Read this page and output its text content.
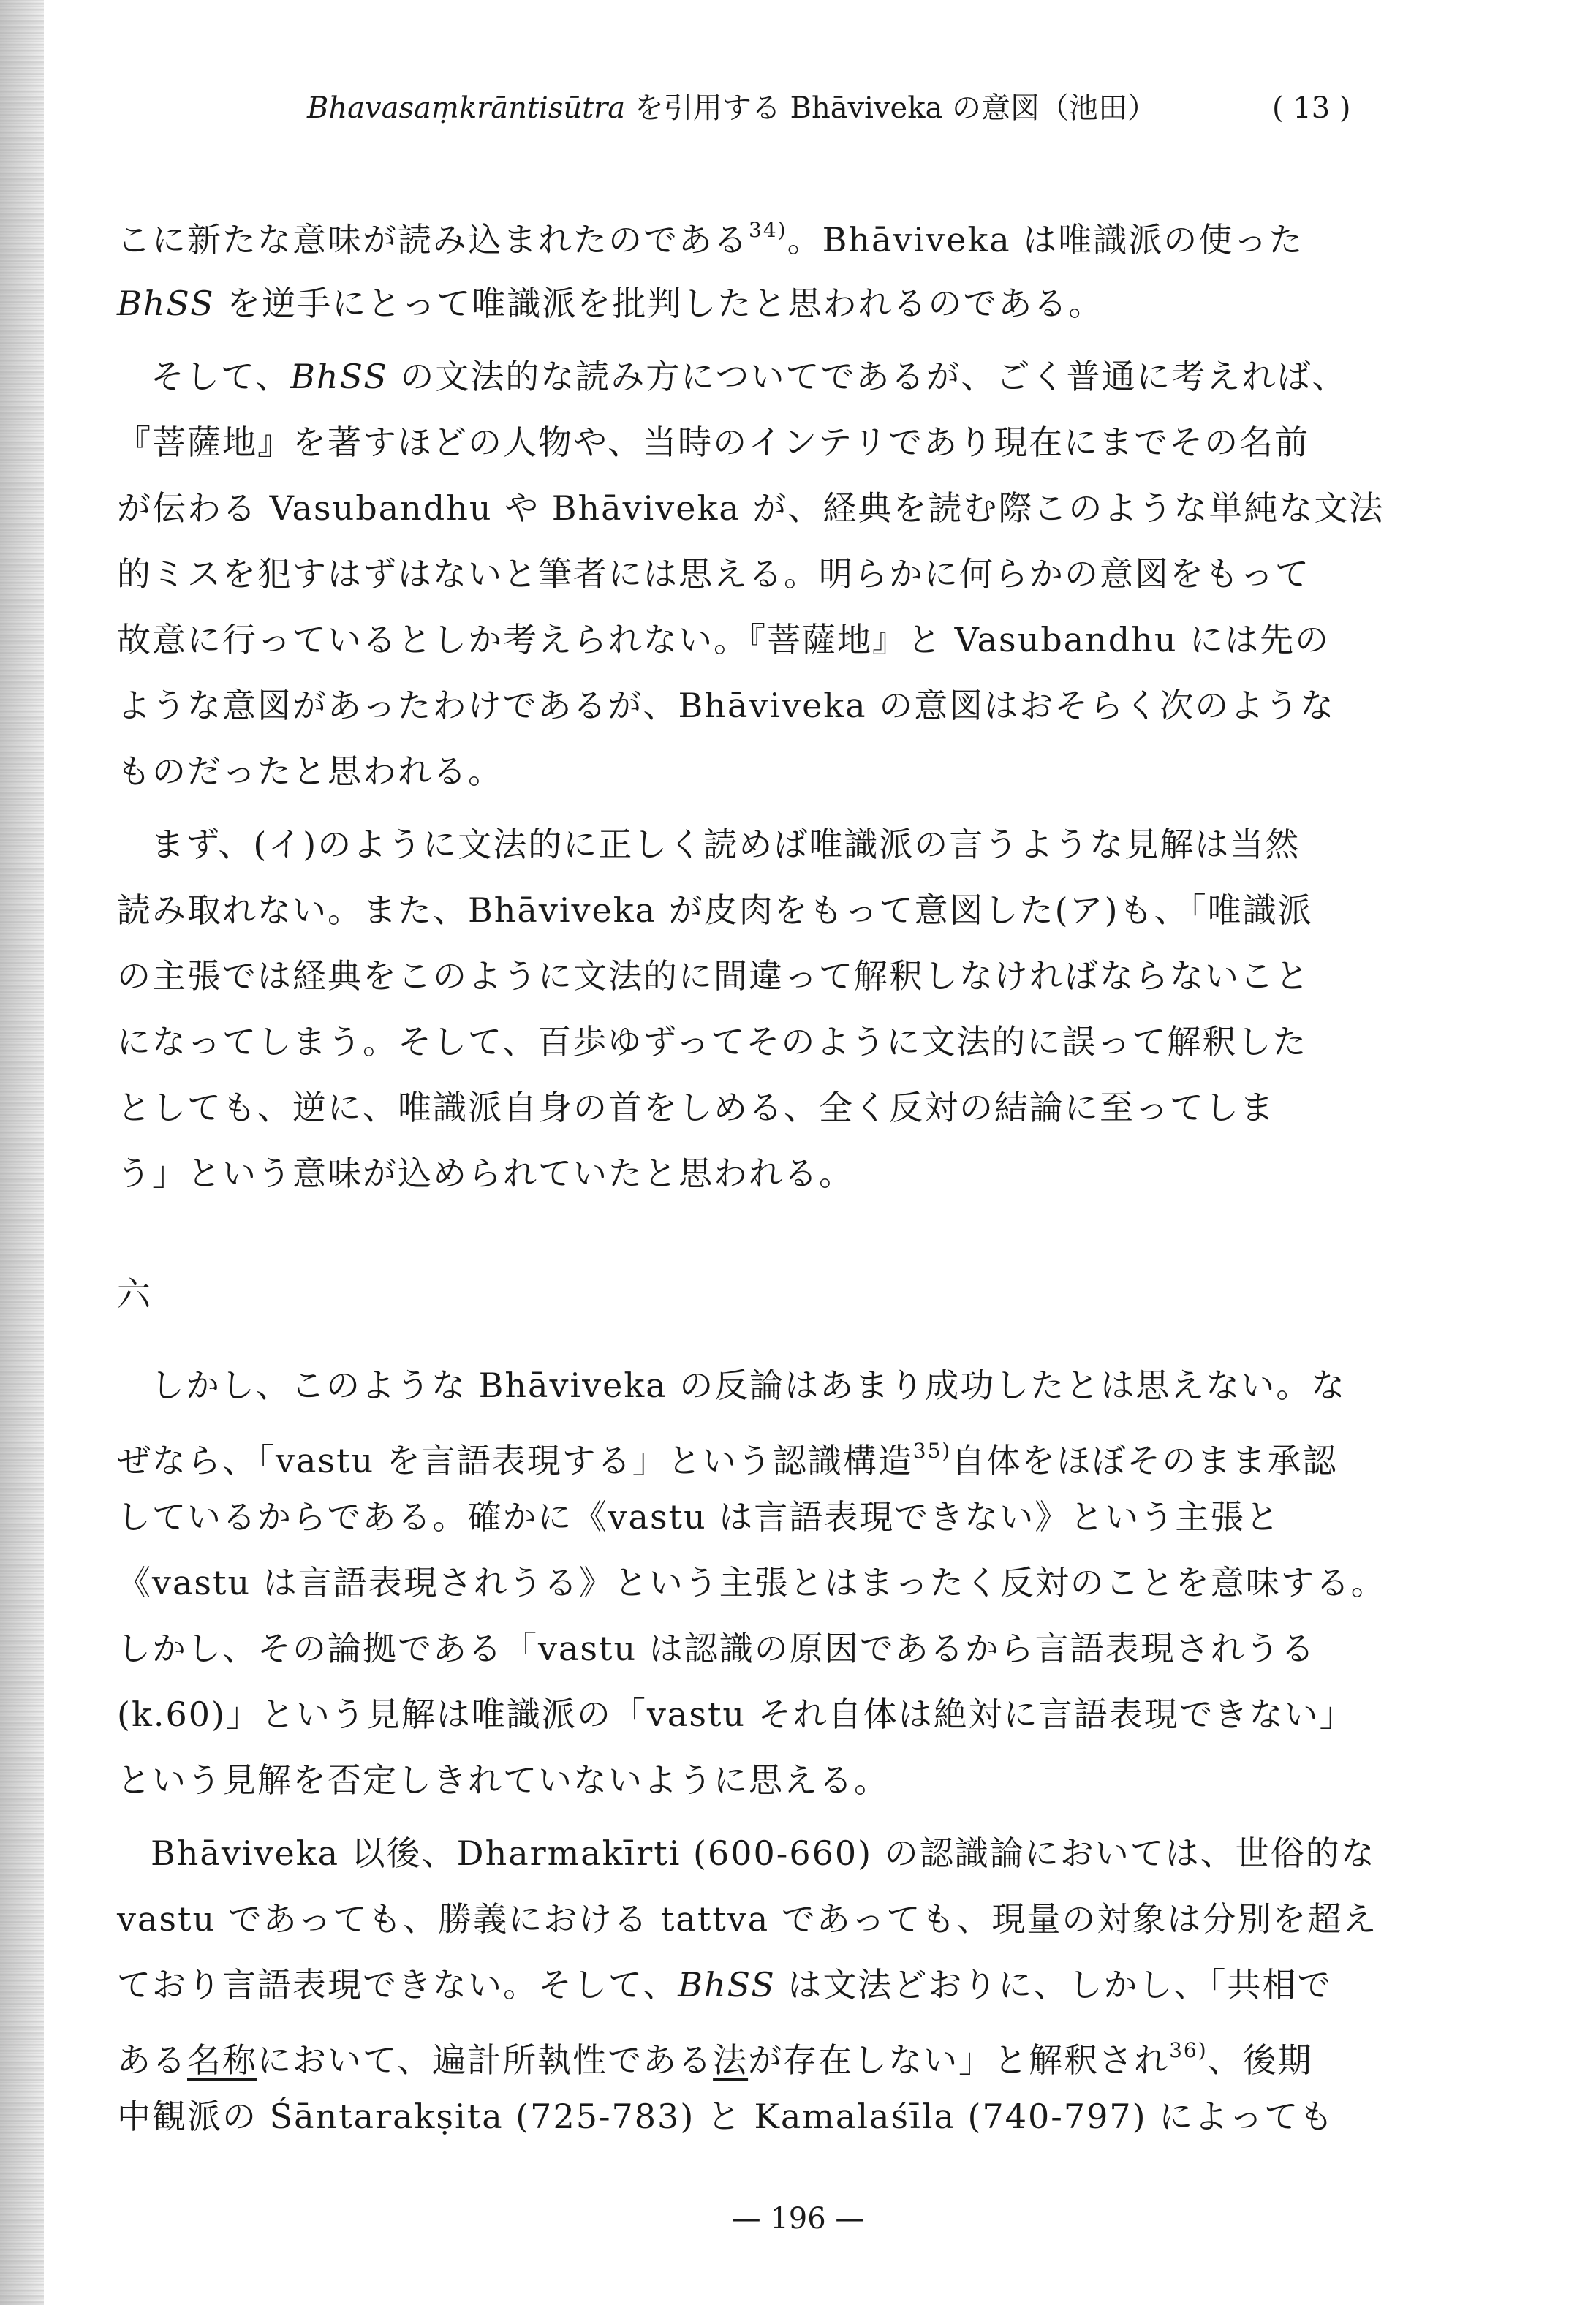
Bhavasaṃkrāntisūtra を引用する Bhāviveka の意図（池田）	( 13 )
こに新たな意味が読み込まれたのである$^{34)}$。Bhāviveka は唯識派の使った
BhSS を逆手にとって唯識派を批判したと思われるのである。
そして、BhSS の文法的な読み方についてであるが、ごく普通に考えれば、
『菩薩地』を著すほどの人物や、当時のインテリであり現在にまでその名前
が伝わる Vasubandhu や Bhāviveka が、経典を読む際このような単純な文法
的ミスを犯すはずはないと筆者には思える。明らかに何らかの意図をもって
故意に行っているとしか考えられない。『菩薩地』と Vasubandhu には先の
ような意図があったわけであるが、Bhāviveka の意図はおそらく次のような
ものだったと思われる。
まず、(イ)のように文法的に正しく読めば唯識派の言うような見解は当然
読み取れない。また、Bhāviveka が皮肉をもって意図した(ア)も、「唯識派
の主張では経典をこのように文法的に間違って解釈しなければならないこと
になってしまう。そして、百歩ゆずってそのように文法的に誤って解釈した
としても、逆に、唯識派自身の首をしめる、全く反対の結論に至ってしま
う」という意味が込められていたと思われる。
六
しかし、このような Bhāviveka の反論はあまり成功したとは思えない。な
ぜなら、「vastu を言語表現する」という認識構造$^{35)}$自体をほぼそのまま承認
しているからである。確かに《vastu は言語表現できない》という主張と
《vastu は言語表現されうる》という主張とはまったく反対のことを意味する。
しかし、その論拠である「vastu は認識の原因であるから言語表現されうる
(k.60)」という見解は唯識派の「vastu それ自体は絶対に言語表現できない」
という見解を否定しきれていないように思える。
Bhāviveka 以後、Dharmakīrti (600-660) の認識論においては、世俗的な
vastu であっても、勝義における tattva であっても、現量の対象は分別を超え
ており言語表現できない。そして、BhSS は文法どおりに、しかし、「共相で
ある名称において、遍計所執性である法が存在しない」と解釈され$^{36)}$、後期
中観派の Śāntarakṣita (725-783) と Kamalaśīla (740-797) によっても
— 196 —
